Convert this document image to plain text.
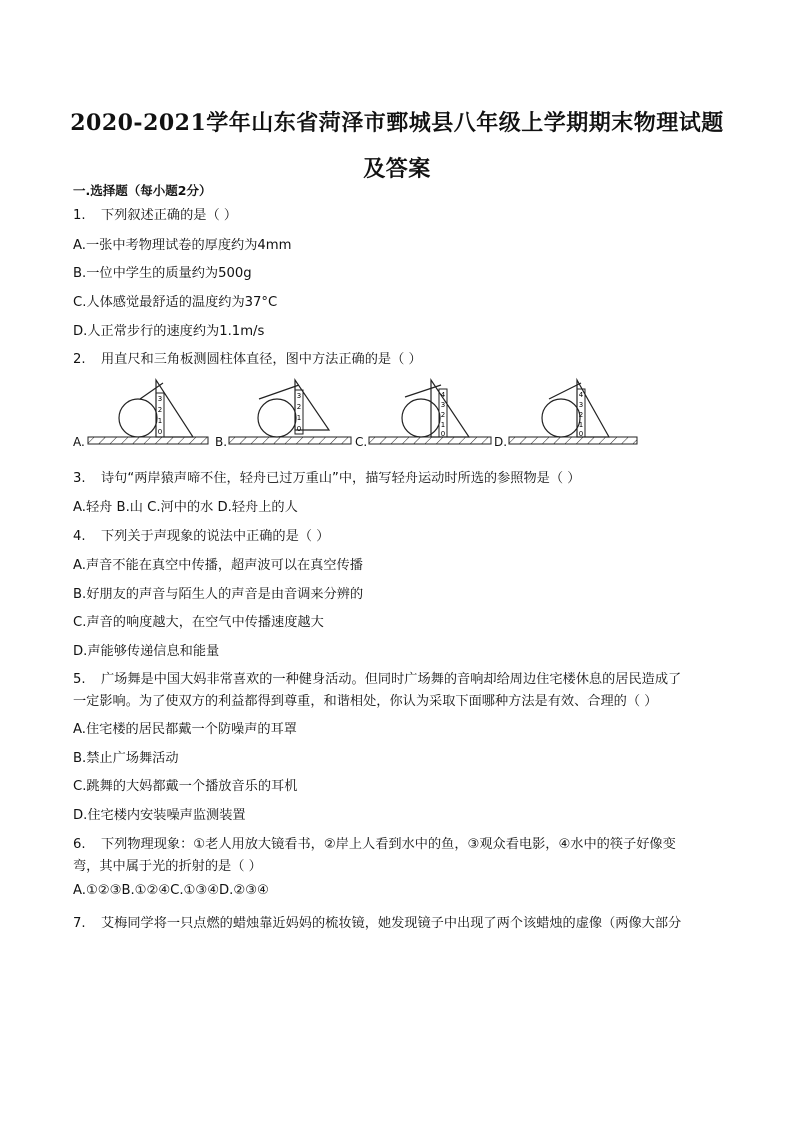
2020-2021学年山东省菏泽市鄄城县八年级上学期期末物理试题及答案
一.选择题（每小题2分）
1. 下列叙述正确的是（ ）
A.一张中考物理试卷的厚度约为4mm
B.一位中学生的质量约为500g
C.人体感觉最舒适的温度约为37°C
D.人正常步行的速度约为1.1m/s
2. 用直尺和三角板测圆柱体直径，图中方法正确的是（ ）
A.	B.	C.	D.
3
2
1
0
3
2
1
0
4
3
2
1
0
4
3
2
1
0
3. 诗句“两岸猿声啼不住，轻舟已过万重山”中，描写轻舟运动时所选的参照物是（ ）
A.轻舟 B.山 C.河中的水 D.轻舟上的人
4. 下列关于声现象的说法中正确的是（ ）
A.声音不能在真空中传播，超声波可以在真空传播
B.好朋友的声音与陌生人的声音是由音调来分辨的
C.声音的响度越大，在空气中传播速度越大
D.声能够传递信息和能量
5. 广场舞是中国大妈非常喜欢的一种健身活动。但同时广场舞的音响却给周边住宅楼休息的居民造成了
一定影响。为了使双方的利益都得到尊重，和谐相处，你认为采取下面哪种方法是有效、合理的（ ）
A.住宅楼的居民都戴一个防噪声的耳罩
B.禁止广场舞活动
C.跳舞的大妈都戴一个播放音乐的耳机
D.住宅楼内安装噪声监测装置
6. 下列物理现象：①老人用放大镜看书，②岸上人看到水中的鱼，③观众看电影，④水中的筷子好像变
弯，其中属于光的折射的是（ ）
A.①②③B.①②④C.①③④D.②③④
7. 艾梅同学将一只点燃的蜡烛靠近妈妈的梳妆镜，她发现镜子中出现了两个该蜡烛的虚像（两像大部分
